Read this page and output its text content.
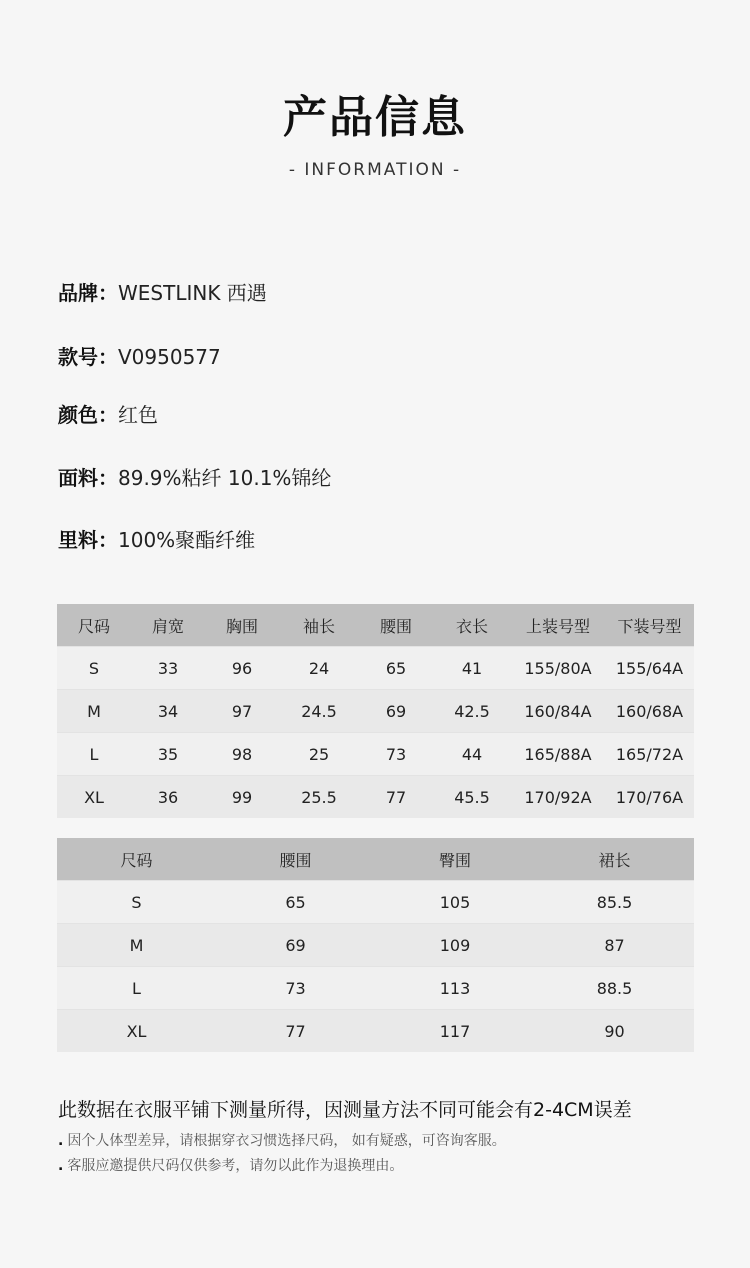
产品信息
- INFORMATION -
品牌：WESTLINK 西遇
款号：V0950577
颜色：红色
面料：89.9%粘纤 10.1%锦纶
里料：100%聚酯纤维
尺码	肩宽	胸围	袖长	腰围	衣长	上装号型	下装号型
S	33	96	24	65	41	155/80A	155/64A
M	34	97	24.5	69	42.5	160/84A	160/68A
L	35	98	25	73	44	165/88A	165/72A
XL	36	99	25.5	77	45.5	170/92A	170/76A
尺码	腰围	臀围	裙长
S	65	105	85.5
M	69	109	87
L	73	113	88.5
XL	77	117	90
此数据在衣服平铺下测量所得，因测量方法不同可能会有2-4CM误差
. 因个人体型差异，请根据穿衣习惯选择尺码， 如有疑惑，可咨询客服。
. 客服应邀提供尺码仅供参考，请勿以此作为退换理由。
